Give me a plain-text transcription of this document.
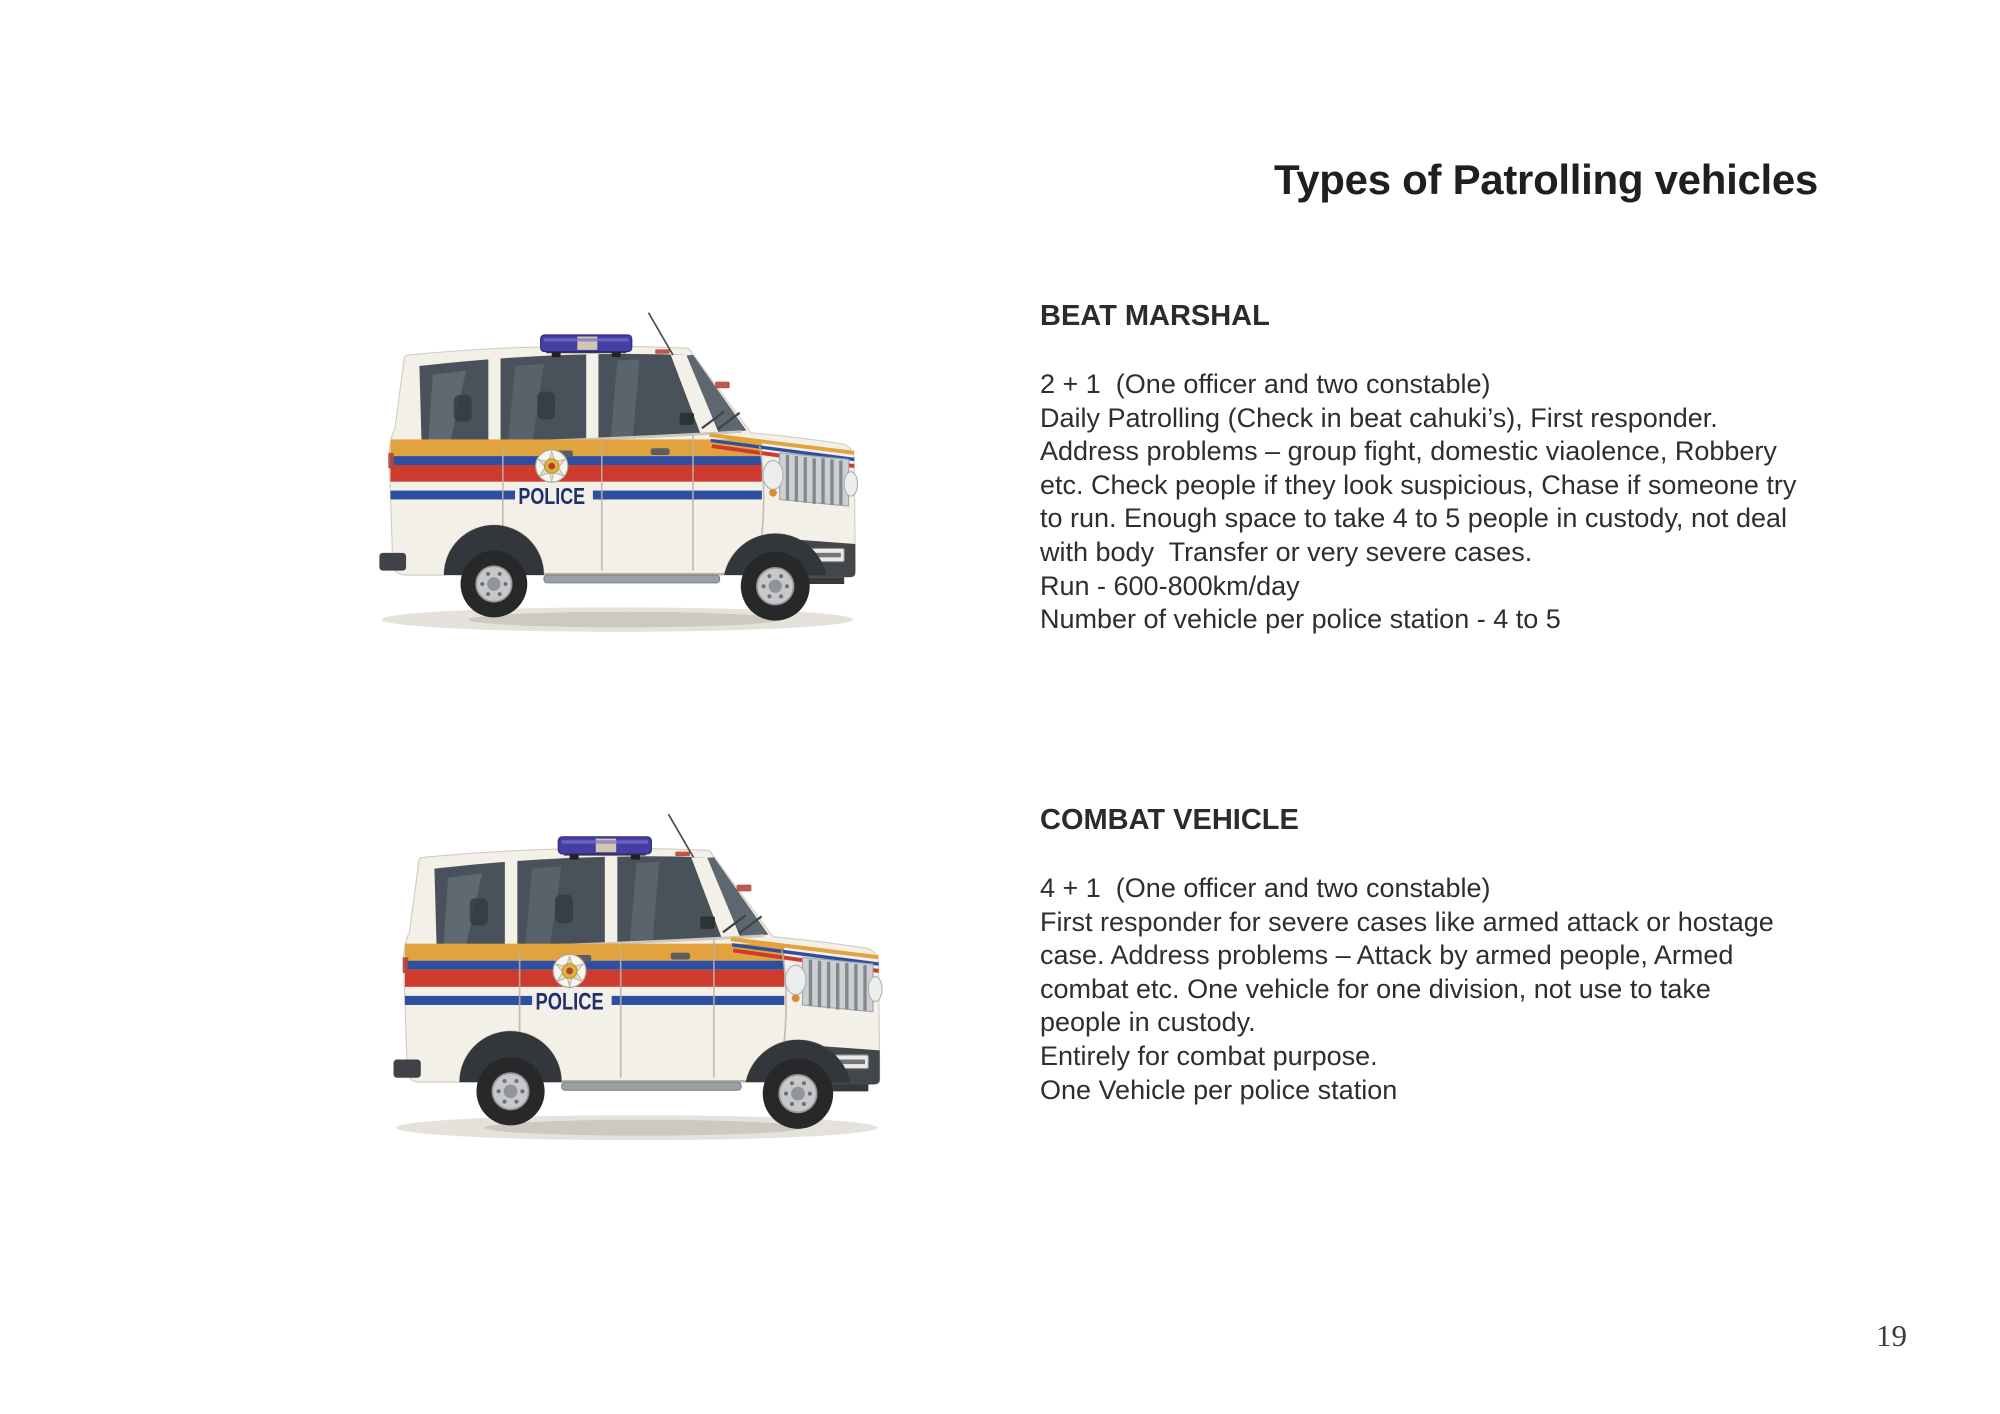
Types of Patrolling vehicles
BEAT MARSHAL
2 + 1  (One officer and two constable)
Daily Patrolling (Check in beat cahuki’s), First responder.
Address problems – group fight, domestic viaolence, Robbery
etc. Check people if they look suspicious, Chase if someone try
to run. Enough space to take 4 to 5 people in custody, not deal
with body  Transfer or very severe cases.
Run - 600-800km/day
Number of vehicle per police station - 4 to 5
COMBAT VEHICLE
4 + 1  (One officer and two constable)
First responder for severe cases like armed attack or hostage
case. Address problems – Attack by armed people, Armed
combat etc. One vehicle for one division, not use to take
people in custody.
Entirely for combat purpose.
One Vehicle per police station
19
